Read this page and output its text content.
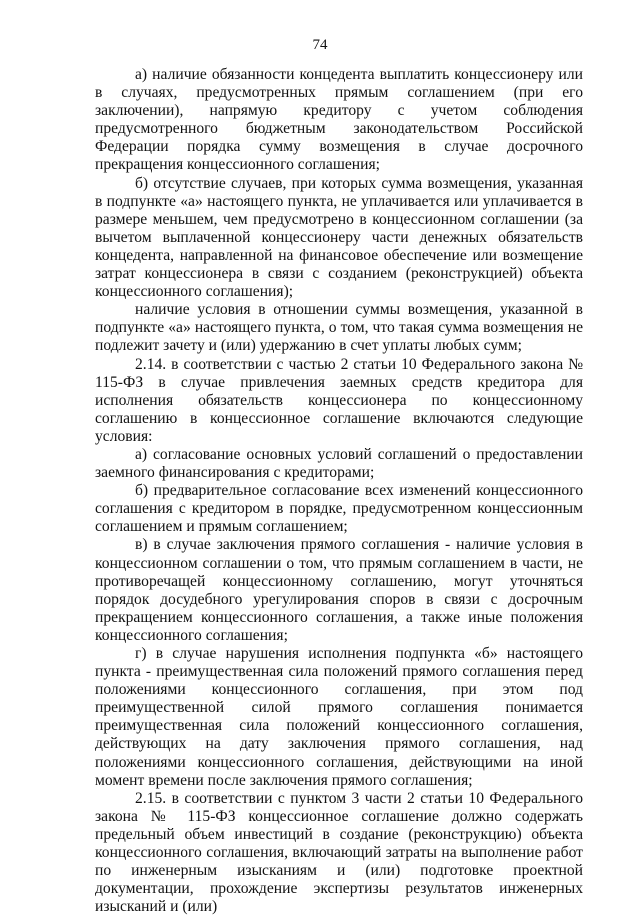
74

а) наличие обязанности концедента выплатить концессионеру или в случаях, предусмотренных прямым соглашением (при его заключении), напрямую кредитору с учетом соблюдения предусмотренного бюджетным законодательством Российской Федерации порядка сумму возмещения в случае досрочного прекращения концессионного соглашения;

б) отсутствие случаев, при которых сумма возмещения, указанная в подпункте «а» настоящего пункта, не уплачивается или уплачивается в размере меньшем, чем предусмотрено в концессионном соглашении (за вычетом выплаченной концессионеру части денежных обязательств концедента, направленной на финансовое обеспечение или возмещение затрат концессионера в связи с созданием (реконструкцией) объекта концессионного соглашения);

наличие условия в отношении суммы возмещения, указанной в подпункте «а» настоящего пункта, о том, что такая сумма возмещения не подлежит зачету и (или) удержанию в счет уплаты любых сумм;

2.14. в соответствии с частью 2 статьи 10 Федерального закона № 115-ФЗ в случае привлечения заемных средств кредитора для исполнения обязательств концессионера по концессионному соглашению в концессионное соглашение включаются следующие условия:

а) согласование основных условий соглашений о предоставлении заемного финансирования с кредиторами;

б) предварительное согласование всех изменений концессионного соглашения с кредитором в порядке, предусмотренном концессионным соглашением и прямым соглашением;

в) в случае заключения прямого соглашения - наличие условия в концессионном соглашении о том, что прямым соглашением в части, не противоречащей концессионному соглашению, могут уточняться порядок досудебного урегулирования споров в связи с досрочным прекращением концессионного соглашения, а также иные положения концессионного соглашения;

г) в случае нарушения исполнения подпункта «б» настоящего пункта - преимущественная сила положений прямого соглашения перед положениями концессионного соглашения, при этом под преимущественной силой прямого соглашения понимается преимущественная сила положений концессионного соглашения, действующих на дату заключения прямого соглашения, над положениями концессионного соглашения, действующими на иной момент времени после заключения прямого соглашения;

2.15. в соответствии с пунктом 3 части 2 статьи 10 Федерального закона № 115-ФЗ концессионное соглашение должно содержать предельный объем инвестиций в создание (реконструкцию) объекта концессионного соглашения, включающий затраты на выполнение работ по инженерным изысканиям и (или) подготовке проектной документации, прохождение экспертизы результатов инженерных изысканий и (или)
